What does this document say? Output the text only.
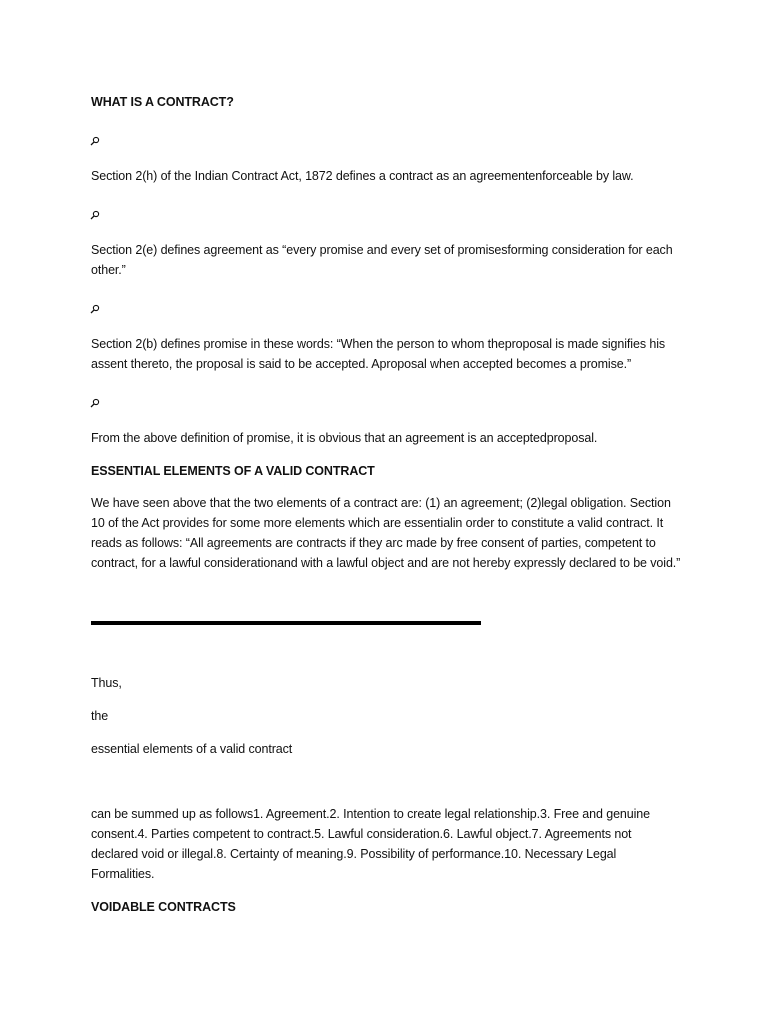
WHAT IS A CONTRACT?
Section 2(h) of the Indian Contract Act, 1872 defines a contract as an agreementenforceable by law.
Section 2(e) defines agreement as “every promise and every set of promisesforming consideration for each other.”
Section 2(b) defines promise in these words: “When the person to whom theproposal is made signifies his assent thereto, the proposal is said to be accepted. Aproposal when accepted becomes a promise.”
From the above definition of promise, it is obvious that an agreement is an acceptedproposal.
ESSENTIAL ELEMENTS OF A VALID CONTRACT
We have seen above that the two elements of a contract are: (1) an agreement; (2)legal obligation. Section 10 of the Act provides for some more elements which are essentialin order to constitute a valid contract. It reads as follows: “All agreements are contracts if they arc made by free consent of parties, competent to contract, for a lawful considerationand with a lawful object and are not hereby expressly declared to be void.”
Thus,
the
essential elements of a valid contract
can be summed up as follows1. Agreement.2. Intention to create legal relationship.3. Free and genuine consent.4. Parties competent to contract.5. Lawful consideration.6. Lawful object.7. Agreements not declared void or illegal.8. Certainty of meaning.9. Possibility of performance.10. Necessary Legal Formalities.
VOIDABLE CONTRACTS
